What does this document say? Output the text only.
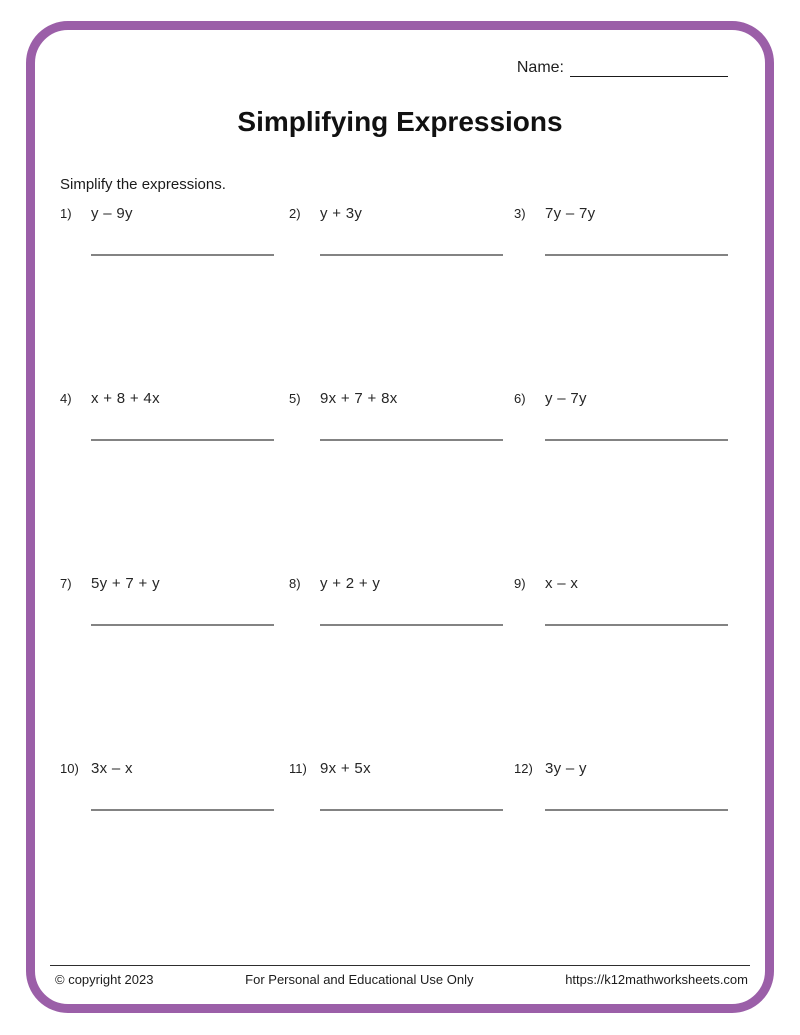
Name:
Simplifying Expressions
Simplify the expressions.
1)	y – 9y	2)	y + 3y	3)	7y – 7y
4)	x + 8 + 4x	5)	9x + 7 + 8x	6)	y – 7y
7)	5y + 7 + y	8)	y + 2 + y	9)	x – x
10) 3x – x	11) 9x + 5x	12) 3y – y
© copyright 2023	For Personal and Educational Use Only	https://k12mathworksheets.com
